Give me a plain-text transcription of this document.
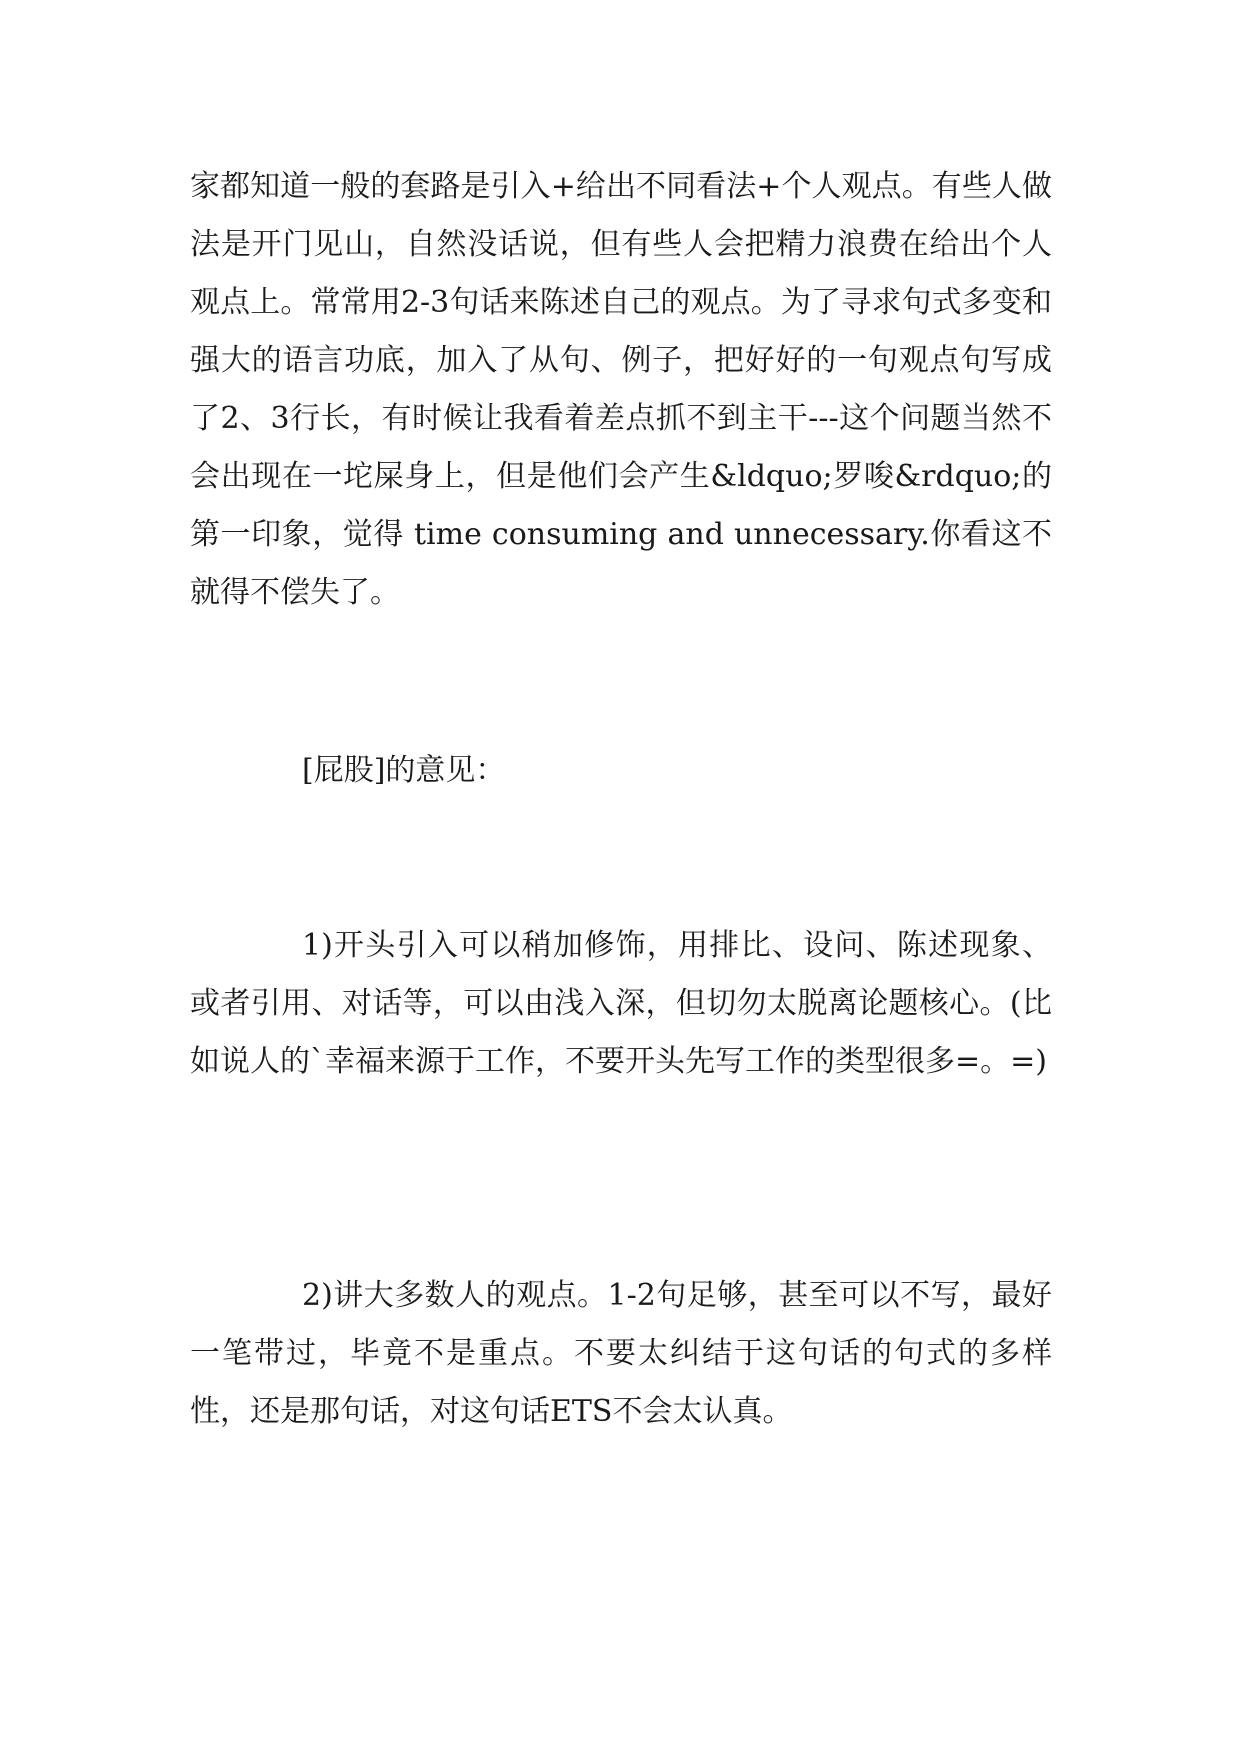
家都知道一般的套路是引入+给出不同看法+个人观点。有些人做法是开门见山，自然没话说，但有些人会把精力浪费在给出个人观点上。常常用2-3句话来陈述自己的观点。为了寻求句式多变和强大的语言功底，加入了从句、例子，把好好的一句观点句写成了2、3行长，有时候让我看着差点抓不到主干---这个问题当然不会出现在一坨屎身上，但是他们会产生&ldquo;罗唆&rdquo;的第一印象，觉得 time consuming and unnecessary.你看这不就得不偿失了。

[屁股]的意见：

1)开头引入可以稍加修饰，用排比、设问、陈述现象、或者引用、对话等，可以由浅入深，但切勿太脱离论题核心。(比如说人的`幸福来源于工作，不要开头先写工作的类型很多=。=)

2)讲大多数人的观点。1-2句足够，甚至可以不写，最好一笔带过，毕竟不是重点。不要太纠结于这句话的句式的多样性，还是那句话，对这句话ETS不会太认真。
